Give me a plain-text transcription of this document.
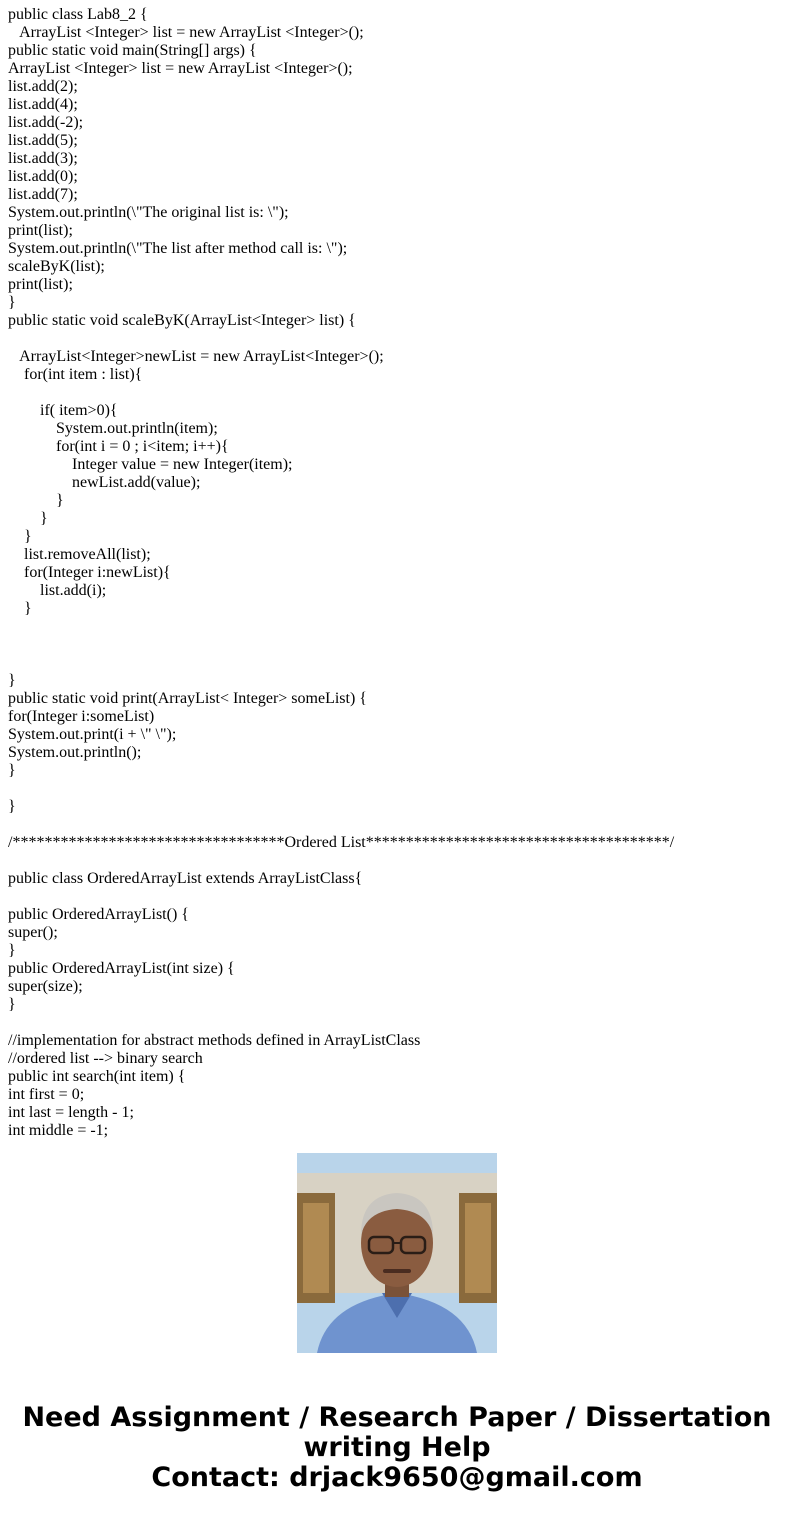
public class Lab8_2 {
ArrayList <Integer> list = new ArrayList <Integer>();
public static void main(String[] args) {
ArrayList <Integer> list = new ArrayList <Integer>();
list.add(2);
list.add(4);
list.add(-2);
list.add(5);
list.add(3);
list.add(0);
list.add(7);
System.out.println(\"The original list is: \");
print(list);
System.out.println(\"The list after method call is: \");
scaleByK(list);
print(list);
}
public static void scaleByK(ArrayList<Integer> list) {
ArrayList<Integer>newList = new ArrayList<Integer>();
for(int item : list){
if( item>0){
System.out.println(item);
for(int i = 0 ; i<item; i++){
Integer value = new Integer(item);
newList.add(value);
}
}
}
list.removeAll(list);
for(Integer i:newList){
list.add(i);
}
}
public static void print(ArrayList< Integer> someList) {
for(Integer i:someList)
System.out.print(i + \" \");
System.out.println();
}
}
/**********************************Ordered List**************************************/
public class OrderedArrayList extends ArrayListClass{
public OrderedArrayList() {
super();
}
public OrderedArrayList(int size) {
super(size);
}
//implementation for abstract methods defined in ArrayListClass
//ordered list --> binary search
public int search(int item) {
int first = 0;
int last = length - 1;
int middle = -1;
Need Assignment / Research Paper / Dissertation
writing Help
Contact: drjack9650@gmail.com
